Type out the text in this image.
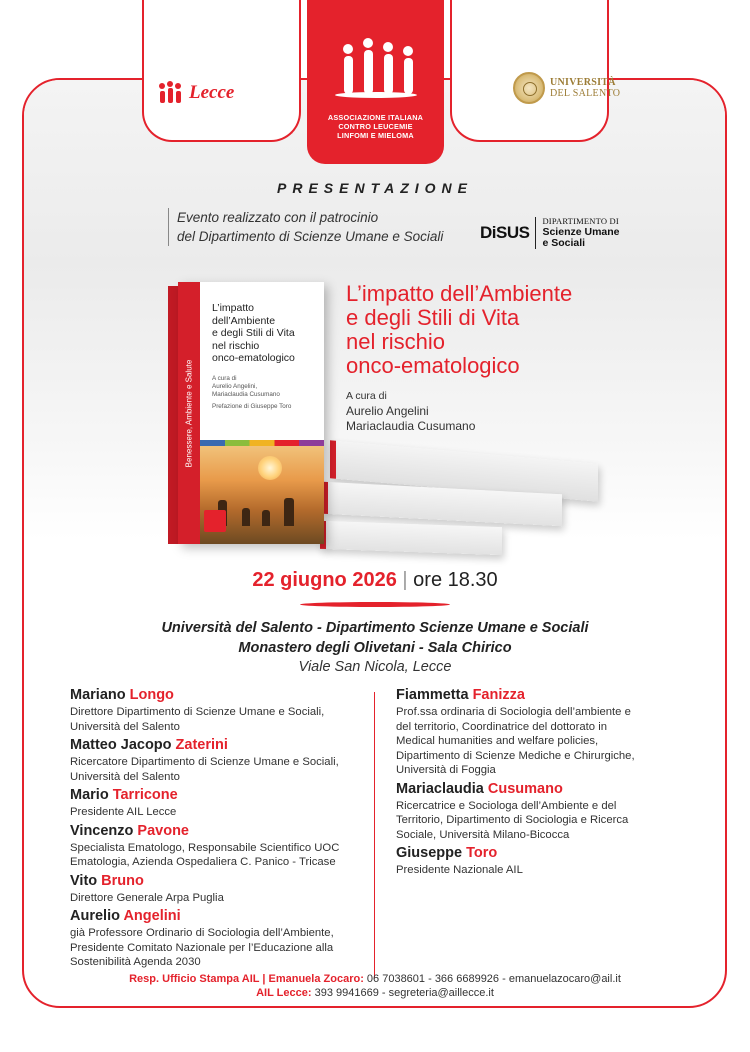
Lecce
ASSOCIAZIONE ITALIANA
CONTRO LEUCEMIE
LINFOMI E MIELOMA
UNIVERSITÀ
DEL SALENTO
PRESENTAZIONE
Evento realizzato con il patrocinio
del Dipartimento di Scienze Umane e Sociali	DiSUS
DIPARTIMENTO DI
Scienze Umane
e Sociali
Benessere, Ambiente e Salute
L’impatto
dell’Ambiente
e degli Stili di Vita
nel rischio
onco-ematologico
A cura di
Aurelio Angelini,
Mariaclaudia Cusumano
Prefazione di Giuseppe Toro
L’impatto dell’Ambiente
e degli Stili di Vita
nel rischio
onco-ematologico
A cura di
Aurelio Angelini
Mariaclaudia Cusumano
22 giugno 2026 | ore 18.30
Università del Salento - Dipartimento Scienze Umane e Sociali
Monastero degli Olivetani - Sala Chirico
Viale San Nicola, Lecce
Mariano Longo
Direttore Dipartimento di Scienze Umane e Sociali,
Università del Salento
Matteo Jacopo Zaterini
Ricercatore Dipartimento di Scienze Umane e Sociali,
Università del Salento
Mario Tarricone
Presidente AIL Lecce
Vincenzo Pavone
Specialista Ematologo, Responsabile Scientifico UOC
Ematologia, Azienda Ospedaliera C. Panico - Tricase
Vito Bruno
Direttore Generale Arpa Puglia
Aurelio Angelini
già Professore Ordinario di Sociologia dell’Ambiente,
Presidente Comitato Nazionale per l’Educazione alla
Sostenibilità Agenda 2030
Fiammetta Fanizza
Prof.ssa ordinaria di Sociologia dell’ambiente e
del territorio, Coordinatrice del dottorato in
Medical humanities and welfare policies,
Dipartimento di Scienze Mediche e Chirurgiche,
Università di Foggia
Mariaclaudia Cusumano
Ricercatrice e Sociologa dell’Ambiente e del
Territorio, Dipartimento di Sociologia e Ricerca
Sociale, Università Milano-Bicocca
Giuseppe Toro
Presidente Nazionale AIL
Resp. Ufficio Stampa AIL | Emanuela Zocaro: 06 7038601 - 366 6689926 - emanuelazocaro@ail.it
AIL Lecce: 393 9941669 - segreteria@aillecce.it
